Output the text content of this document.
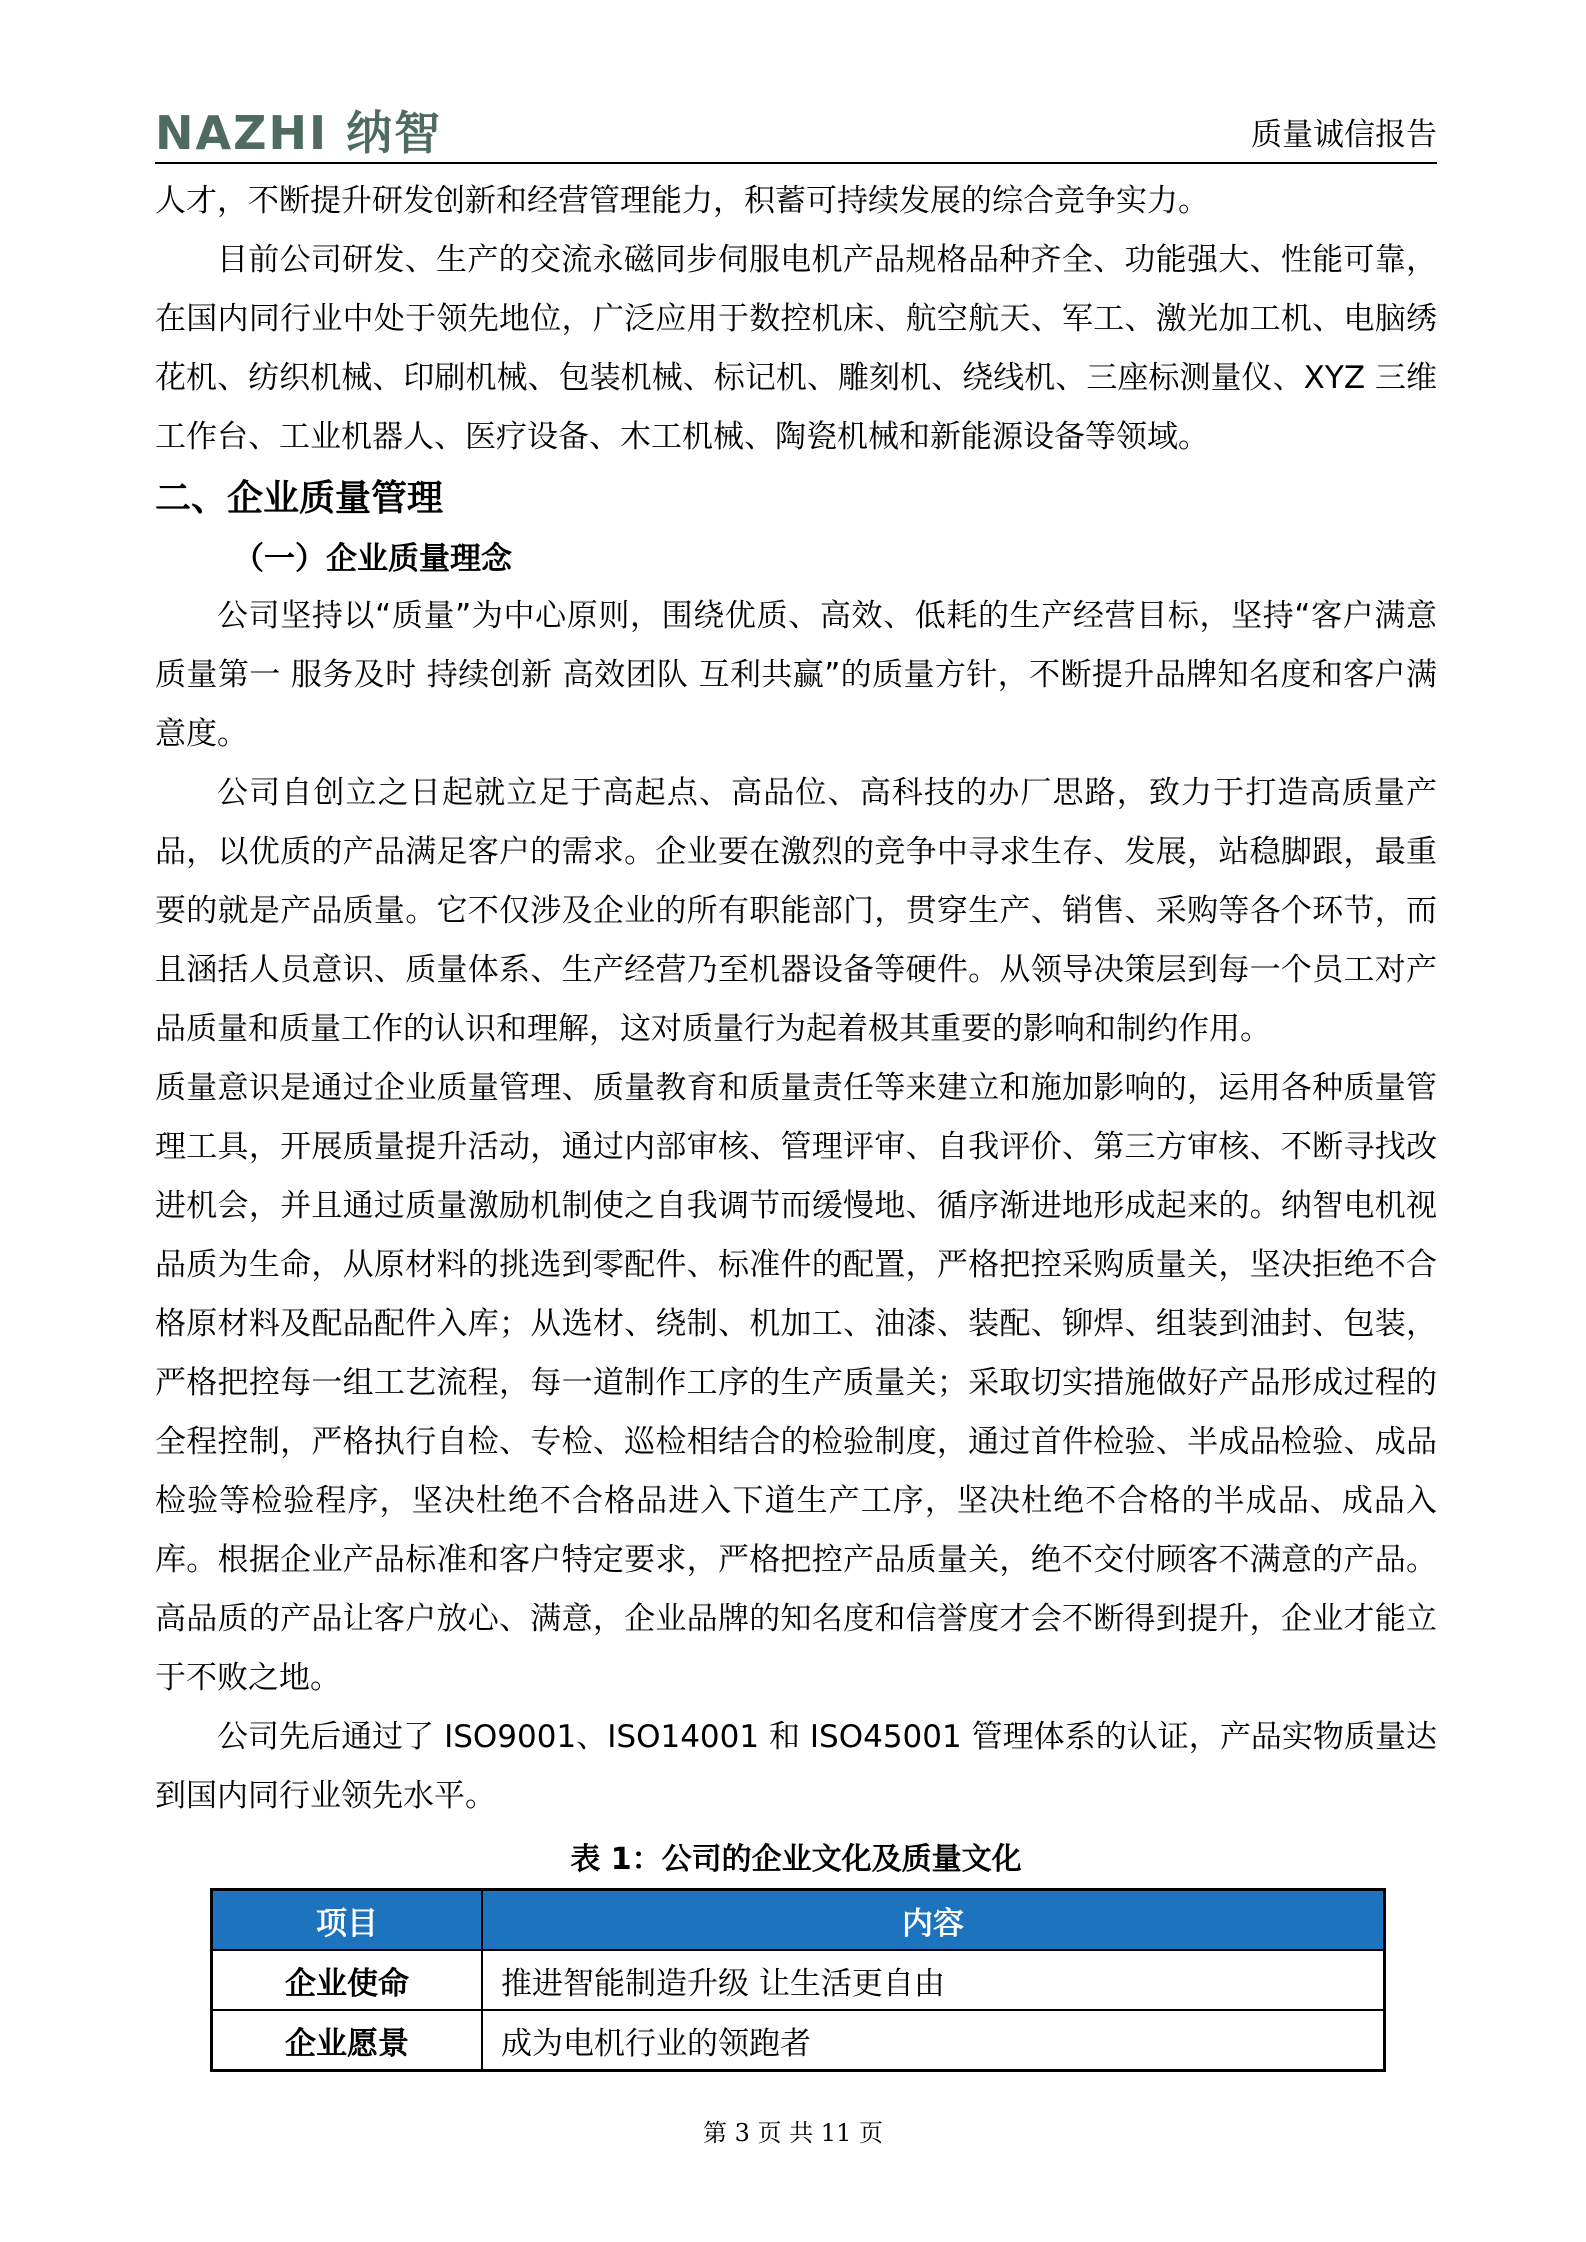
NAZHI 纳智	质量诚信报告

人才，不断提升研发创新和经营管理能力，积蓄可持续发展的综合竞争实力。

目前公司研发、生产的交流永磁同步伺服电机产品规格品种齐全、功能强大、性能可靠，在国内同行业中处于领先地位，广泛应用于数控机床、航空航天、军工、激光加工机、电脑绣花机、纺织机械、印刷机械、包装机械、标记机、雕刻机、绕线机、三座标测量仪、XYZ 三维工作台、工业机器人、医疗设备、木工机械、陶瓷机械和新能源设备等领域。

二、企业质量管理
（一）企业质量理念

公司坚持以“质量”为中心原则，围绕优质、高效、低耗的生产经营目标，坚持“客户满意 质量第一 服务及时 持续创新 高效团队 互利共赢”的质量方针，不断提升品牌知名度和客户满意度。

公司自创立之日起就立足于高起点、高品位、高科技的办厂思路，致力于打造高质量产品，以优质的产品满足客户的需求。企业要在激烈的竞争中寻求生存、发展，站稳脚跟，最重要的就是产品质量。它不仅涉及企业的所有职能部门，贯穿生产、销售、采购等各个环节，而且涵括人员意识、质量体系、生产经营乃至机器设备等硬件。从领导决策层到每一个员工对产品质量和质量工作的认识和理解，这对质量行为起着极其重要的影响和制约作用。

质量意识是通过企业质量管理、质量教育和质量责任等来建立和施加影响的，运用各种质量管理工具，开展质量提升活动，通过内部审核、管理评审、自我评价、第三方审核、不断寻找改进机会，并且通过质量激励机制使之自我调节而缓慢地、循序渐进地形成起来的。纳智电机视品质为生命，从原材料的挑选到零配件、标准件的配置，严格把控采购质量关，坚决拒绝不合格原材料及配品配件入库；从选材、绕制、机加工、油漆、装配、铆焊、组装到油封、包装，严格把控每一组工艺流程，每一道制作工序的生产质量关；采取切实措施做好产品形成过程的全程控制，严格执行自检、专检、巡检相结合的检验制度，通过首件检验、半成品检验、成品检验等检验程序，坚决杜绝不合格品进入下道生产工序，坚决杜绝不合格的半成品、成品入库。根据企业产品标准和客户特定要求，严格把控产品质量关，绝不交付顾客不满意的产品。高品质的产品让客户放心、满意，企业品牌的知名度和信誉度才会不断得到提升，企业才能立于不败之地。

公司先后通过了 ISO9001、ISO14001 和 ISO45001 管理体系的认证，产品实物质量达到国内同行业领先水平。

表 1：公司的企业文化及质量文化
项目	内容
企业使命	推进智能制造升级 让生活更自由
企业愿景	成为电机行业的领跑者
第 3 页 共 11 页
